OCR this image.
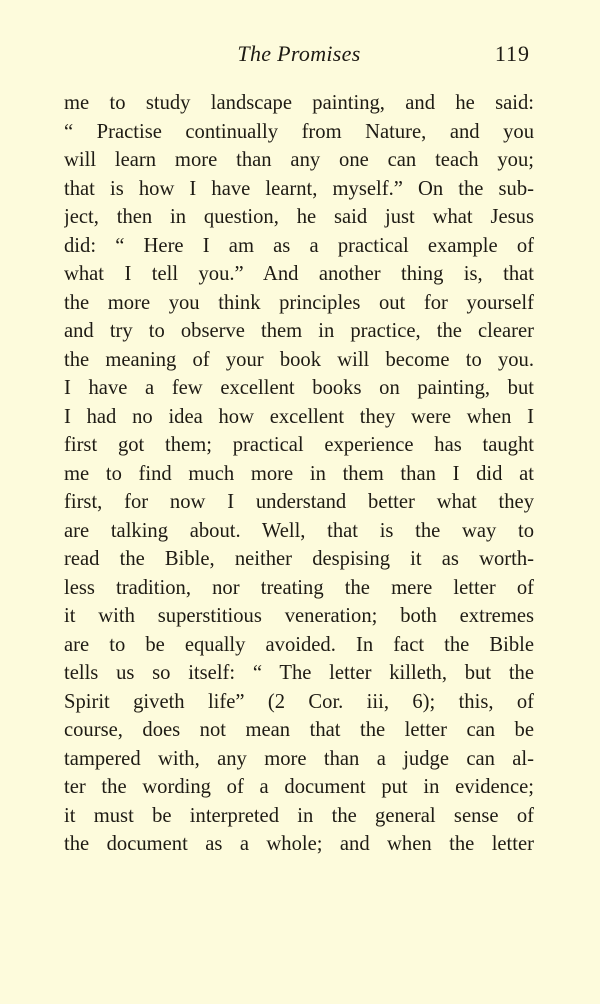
The Promises	119
me to study landscape painting, and he said:
“ Practise continually from Nature, and you
will learn more than any one can teach you;
that is how I have learnt, myself.” On the sub-
ject, then in question, he said just what Jesus
did: “ Here I am as a practical example of
what I tell you.” And another thing is, that
the more you think principles out for yourself
and try to observe them in practice, the clearer
the meaning of your book will become to you.
I have a few excellent books on painting, but
I had no idea how excellent they were when I
first got them; practical experience has taught
me to find much more in them than I did at
first, for now I understand better what they
are talking about. Well, that is the way to
read the Bible, neither despising it as worth-
less tradition, nor treating the mere letter of
it with superstitious veneration; both extremes
are to be equally avoided. In fact the Bible
tells us so itself: “ The letter killeth, but the
Spirit giveth life” (2 Cor. iii, 6); this, of
course, does not mean that the letter can be
tampered with, any more than a judge can al-
ter the wording of a document put in evidence;
it must be interpreted in the general sense of
the document as a whole; and when the letter
